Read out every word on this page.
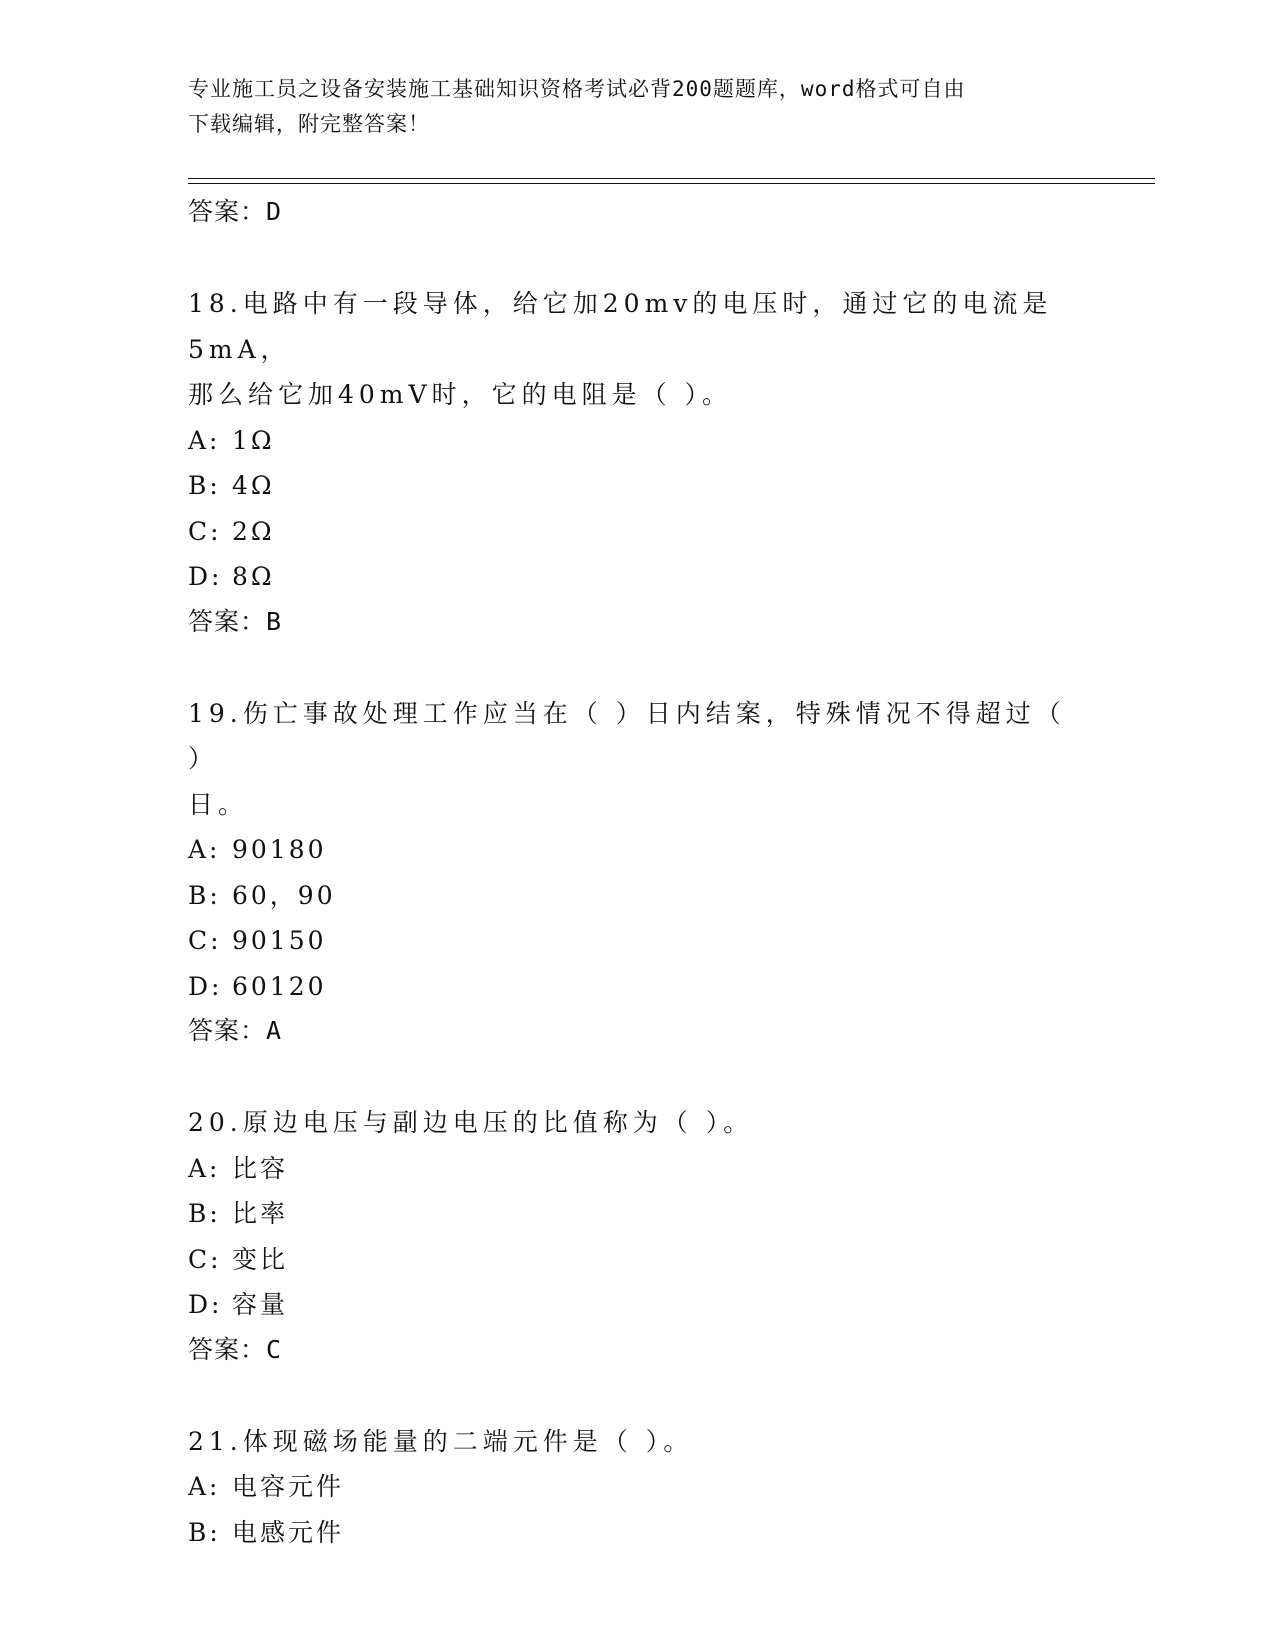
专业施工员之设备安装施工基础知识资格考试必背200题题库，word格式可自由
下载编辑，附完整答案！
答案：D
18.电路中有一段导体，给它加20mv的电压时，通过它的电流是5mA，
那么给它加40mV时，它的电阻是（ ）。
A: 1Ω
B: 4Ω
C: 2Ω
D: 8Ω
答案：B
19.伤亡事故处理工作应当在（ ）日内结案，特殊情况不得超过（ ）
日。
A: 90180
B: 60，90
C: 90150
D: 60120
答案：A
20.原边电压与副边电压的比值称为（ ）。
A: 比容
B: 比率
C: 变比
D: 容量
答案：C
21.体现磁场能量的二端元件是（ ）。
A: 电容元件
B: 电感元件
